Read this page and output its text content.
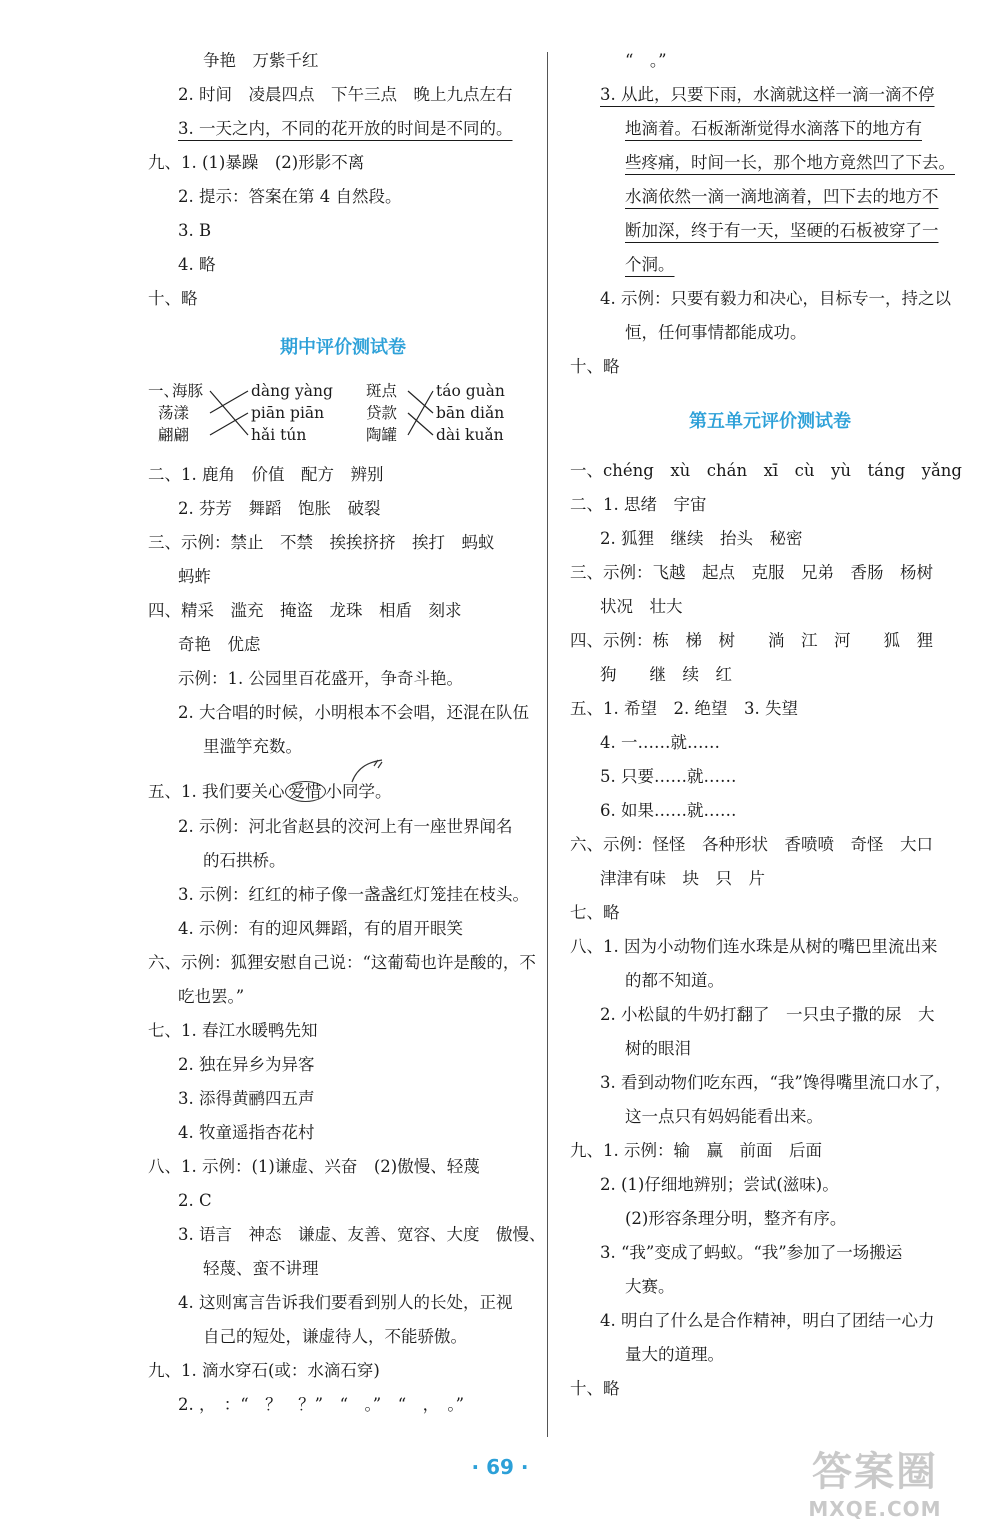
争艳　万紫千红
2. 时间　凌晨四点　下午三点　晚上九点左右
3. 一天之内，不同的花开放的时间是不同的。
九、1. (1)暴躁　(2)形影不离
2. 提示：答案在第 4 自然段。
3. B
4. 略
十、略
期中评价测试卷
一、
海豚
荡漾
翩翩
dàng yàng
piān piān
hǎi tún
斑点
贷款
陶罐
táo guàn
bān diǎn
dài kuǎn
二、1. 鹿角　价值　配方　辨别
2. 芬芳　舞蹈　饱胀　破裂
三、示例：禁止　不禁　挨挨挤挤　挨打　蚂蚁
蚂蚱
四、精采　滥充　掩盗　龙珠　相盾　刻求
奇艳　优虑
示例：1. 公园里百花盛开，争奇斗艳。
2. 大合唱的时候，小明根本不会唱，还混在队伍
里滥竽充数。
五、1. 我们要关心 爱惜 小同学。
2. 示例：河北省赵县的洨河上有一座世界闻名
的石拱桥。
3. 示例：红红的柿子像一盏盏红灯笼挂在枝头。
4. 示例：有的迎风舞蹈，有的眉开眼笑
六、示例：狐狸安慰自己说：“这葡萄也许是酸的，不
吃也罢。”
七、1. 春江水暖鸭先知
2. 独在异乡为异客
3. 添得黄鹂四五声
4. 牧童遥指杏花村
八、1. 示例：(1)谦虚、兴奋　(2)傲慢、轻蔑
2. C
3. 语言　神态　谦虚、友善、宽容、大度　傲慢、
轻蔑、蛮不讲理
4. 这则寓言告诉我们要看到别人的长处，正视
自己的短处，谦虚待人，不能骄傲。
九、1. 滴水穿石(或：水滴石穿)
2. ，　：“　？　？”　“　。”　“　，　。”
“　。”
3. 从此，只要下雨，水滴就这样一滴一滴不停
地滴着。石板渐渐觉得水滴落下的地方有
些疼痛，时间一长，那个地方竟然凹了下去。
水滴依然一滴一滴地滴着，凹下去的地方不
断加深，终于有一天，坚硬的石板被穿了一
个洞。
4. 示例：只要有毅力和决心，目标专一，持之以
恒，任何事情都能成功。
十、略
第五单元评价测试卷
一、chéng　xù　chán　xī　cù　yù　táng　yǎng
二、1. 思绪　宇宙
2. 狐狸　继续　抬头　秘密
三、示例：飞越　起点　克服　兄弟　香肠　杨树
状况　壮大
四、示例：栋　梯　树　　淌　江　河　　狐　狸
狗　　继　续　红
五、1. 希望　2. 绝望　3. 失望
4. 一……就……
5. 只要……就……
6. 如果……就……
六、示例：怪怪　各种形状　香喷喷　奇怪　大口
津津有味　块　只　片
七、略
八、1. 因为小动物们连水珠是从树的嘴巴里流出来
的都不知道。
2. 小松鼠的牛奶打翻了　一只虫子撒的尿　大
树的眼泪
3. 看到动物们吃东西，“我”馋得嘴里流口水了，
这一点只有妈妈能看出来。
九、1. 示例：输　赢　前面　后面
2. (1)仔细地辨别；尝试(滋味)。
(2)形容条理分明，整齐有序。
3. “我”变成了蚂蚁。“我”参加了一场搬运
大赛。
4. 明白了什么是合作精神，明白了团结一心力
量大的道理。
十、略
· 69 ·	答案圈
MXQE.COM
